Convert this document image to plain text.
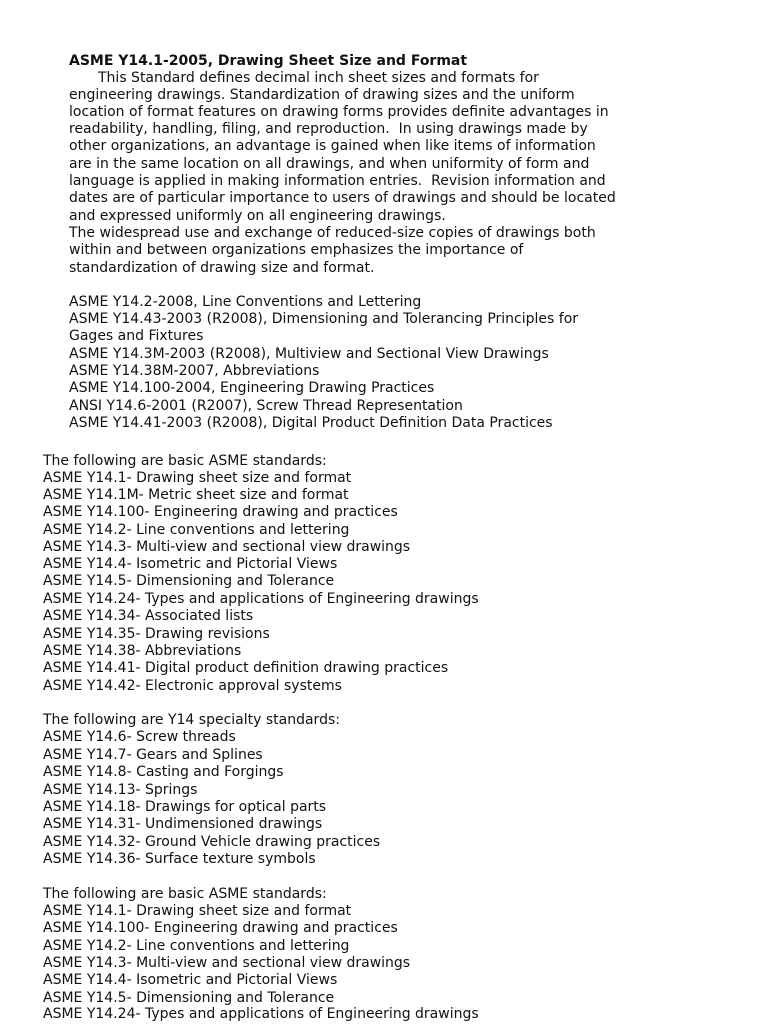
ASME Y14.1-2005, Drawing Sheet Size and Format
This Standard defines decimal inch sheet sizes and formats for
engineering drawings. Standardization of drawing sizes and the uniform
location of format features on drawing forms provides definite advantages in
readability, handling, filing, and reproduction.  In using drawings made by
other organizations, an advantage is gained when like items of information
are in the same location on all drawings, and when uniformity of form and
language is applied in making information entries.  Revision information and
dates are of particular importance to users of drawings and should be located
and expressed uniformly on all engineering drawings.
The widespread use and exchange of reduced-size copies of drawings both
within and between organizations emphasizes the importance of
standardization of drawing size and format.
ASME Y14.2-2008, Line Conventions and Lettering
ASME Y14.43-2003 (R2008), Dimensioning and Tolerancing Principles for
Gages and Fixtures
ASME Y14.3M-2003 (R2008), Multiview and Sectional View Drawings
ASME Y14.38M-2007, Abbreviations
ASME Y14.100-2004, Engineering Drawing Practices
ANSI Y14.6-2001 (R2007), Screw Thread Representation
ASME Y14.41-2003 (R2008), Digital Product Definition Data Practices
The following are basic ASME standards:
ASME Y14.1- Drawing sheet size and format
ASME Y14.1M- Metric sheet size and format
ASME Y14.100- Engineering drawing and practices
ASME Y14.2- Line conventions and lettering
ASME Y14.3- Multi-view and sectional view drawings
ASME Y14.4- Isometric and Pictorial Views
ASME Y14.5- Dimensioning and Tolerance
ASME Y14.24- Types and applications of Engineering drawings
ASME Y14.34- Associated lists
ASME Y14.35- Drawing revisions
ASME Y14.38- Abbreviations
ASME Y14.41- Digital product definition drawing practices
ASME Y14.42- Electronic approval systems
The following are Y14 specialty standards:
ASME Y14.6- Screw threads
ASME Y14.7- Gears and Splines
ASME Y14.8- Casting and Forgings
ASME Y14.13- Springs
ASME Y14.18- Drawings for optical parts
ASME Y14.31- Undimensioned drawings
ASME Y14.32- Ground Vehicle drawing practices
ASME Y14.36- Surface texture symbols
The following are basic ASME standards:
ASME Y14.1- Drawing sheet size and format
ASME Y14.100- Engineering drawing and practices
ASME Y14.2- Line conventions and lettering
ASME Y14.3- Multi-view and sectional view drawings
ASME Y14.4- Isometric and Pictorial Views
ASME Y14.5- Dimensioning and Tolerance
ASME Y14.24- Types and applications of Engineering drawings
